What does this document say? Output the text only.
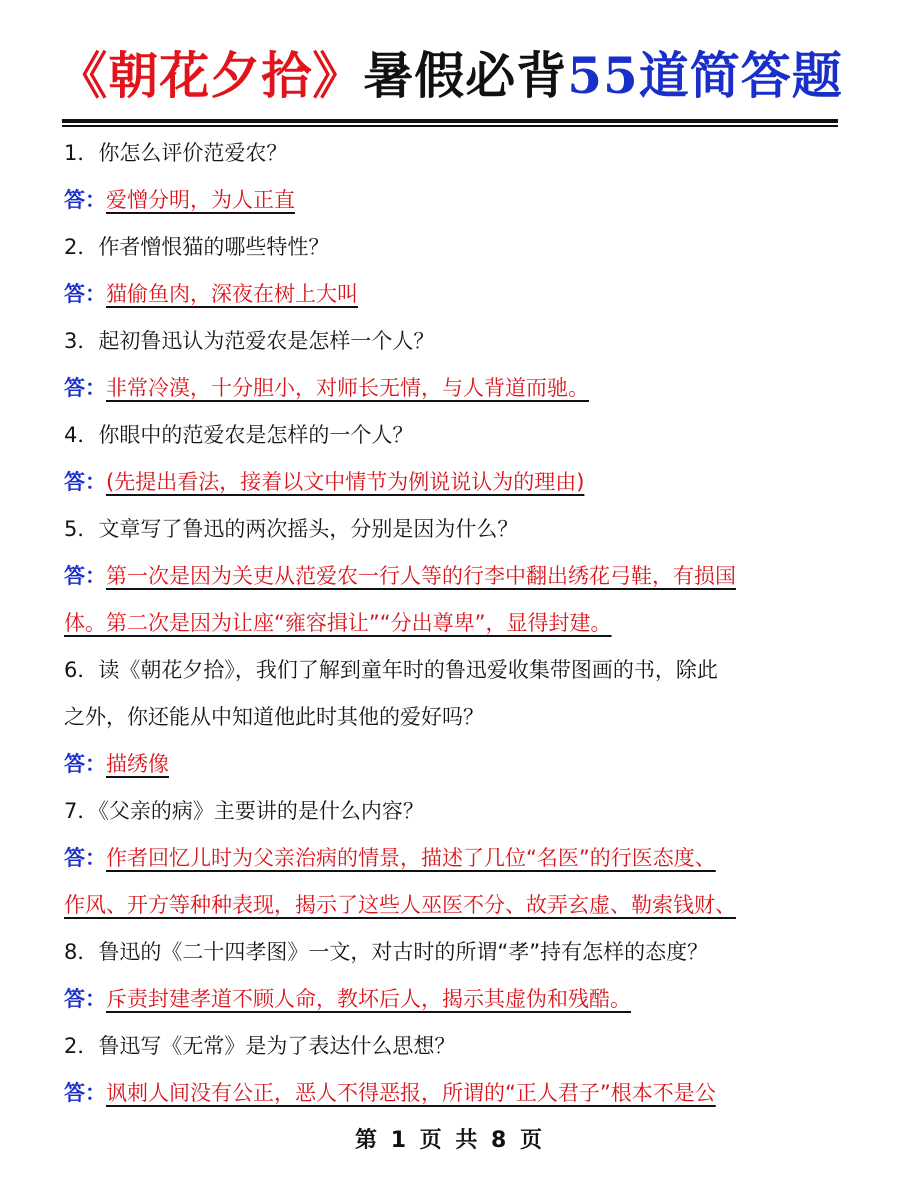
《朝花夕拾》暑假必背55道简答题
1．你怎么评价范爱农？
答：爱憎分明，为人正直
2．作者憎恨猫的哪些特性？
答：猫偷鱼肉，深夜在树上大叫
3．起初鲁迅认为范爱农是怎样一个人？
答：非常冷漠，十分胆小，对师长无情，与人背道而驰。
4．你眼中的范爱农是怎样的一个人？
答：(先提出看法，接着以文中情节为例说说认为的理由)
5．文章写了鲁迅的两次摇头，分别是因为什么？
答：第一次是因为关吏从范爱农一行人等的行李中翻出绣花弓鞋，有损国
体。第二次是因为让座“雍容揖让”“分出尊卑”，显得封建。
6．读《朝花夕拾》，我们了解到童年时的鲁迅爱收集带图画的书，除此
之外，你还能从中知道他此时其他的爱好吗？
答：描绣像
7．《父亲的病》主要讲的是什么内容？
答：作者回忆儿时为父亲治病的情景，描述了几位“名医”的行医态度、
作风、开方等种种表现，揭示了这些人巫医不分、故弄玄虚、勒索钱财、
8．鲁迅的《二十四孝图》一文，对古时的所谓“孝”持有怎样的态度？
答：斥责封建孝道不顾人命，教坏后人，揭示其虚伪和残酷。
2．鲁迅写《无常》是为了表达什么思想？
答：讽刺人间没有公正，恶人不得恶报，所谓的“正人君子”根本不是公
第 1 页 共 8 页
